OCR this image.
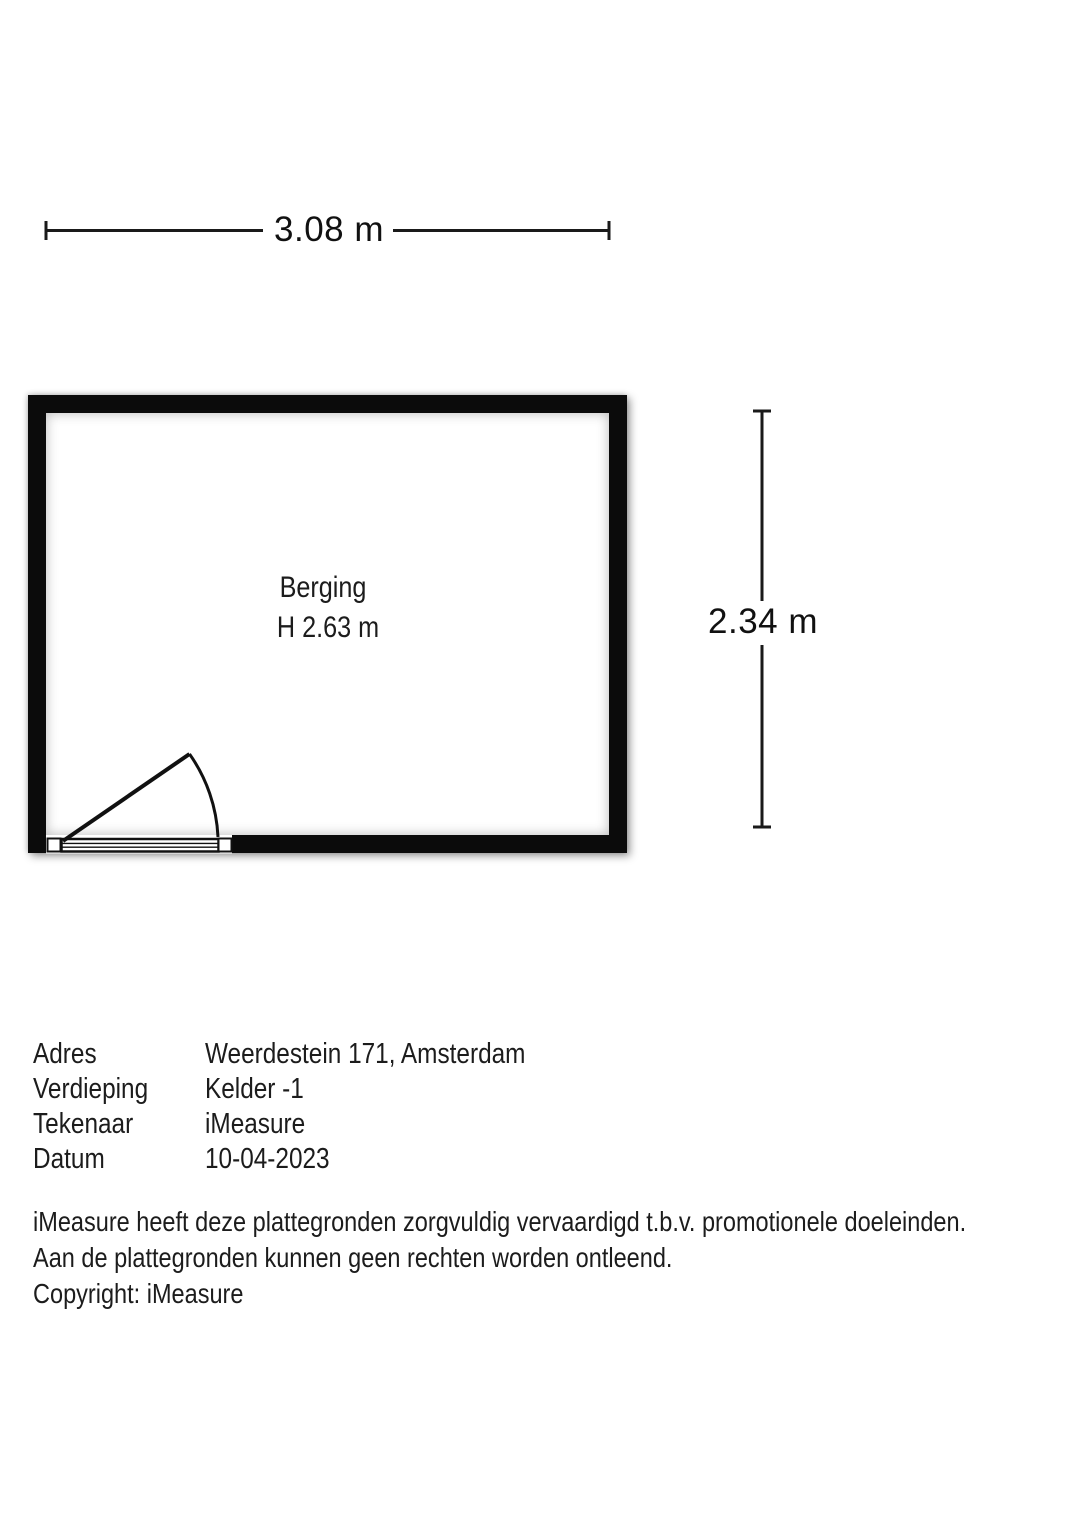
3.08 m
2.34 m
Berging
H 2.63 m
Adres	Weerdestein 171, Amsterdam
Verdieping Kelder -1
Tekenaar iMeasure
Datum	10-04-2023
iMeasure heeft deze plattegronden zorgvuldig vervaardigd t.b.v. promotionele doeleinden.
Aan de plattegronden kunnen geen rechten worden ontleend.
Copyright: iMeasure
